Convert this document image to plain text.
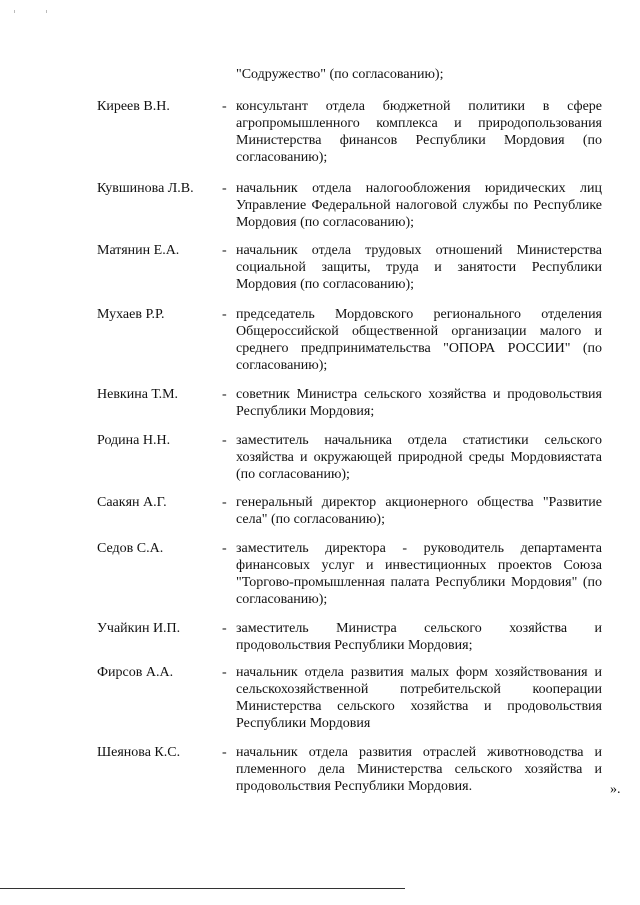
"Содружество" (по согласованию);
Киреев В.Н.	- консультант отдела бюджетной политики в сфере агропромышленного комплекса и природопользования Министерства финансов Республики Мордовия (по согласованию);
Кувшинова Л.В. - начальник отдела налогообложения юридических лиц Управление Федеральной налоговой службы по Республике Мордовия (по согласованию);
Матянин Е.А.	- начальник отдела трудовых отношений Министерства социальной защиты, труда и занятости Республики Мордовия (по согласованию);
Мухаев Р.Р.	- председатель Мордовского регионального отделения Общероссийской общественной организации малого и среднего предпринимательства "ОПОРА РОССИИ" (по согласованию);
Невкина Т.М.	- советник Министра сельского хозяйства и продовольствия Республики Мордовия;
Родина Н.Н.	- заместитель начальника отдела статистики сельского хозяйства и окружающей природной среды Мордовиястата (по согласованию);
Саакян А.Г.	- генеральный директор акционерного общества "Развитие села" (по согласованию);
Седов С.А.	- заместитель директора - руководитель департамента финансовых услуг и инвестиционных проектов Союза "Торгово-промышленная палата Республики Мордовия" (по согласованию);
Учайкин И.П.	- заместитель Министра сельского хозяйства и продовольствия Республики Мордовия;
Фирсов А.А.	- начальник отдела развития малых форм хозяйствования и сельскохозяйственной потребительской кооперации Министерства сельского хозяйства и продовольствия Республики Мордовия
Шеянова К.С.	- начальник отдела развития отраслей животноводства и племенного дела Министерства сельского хозяйства и продовольствия Республики Мордовия.	».
